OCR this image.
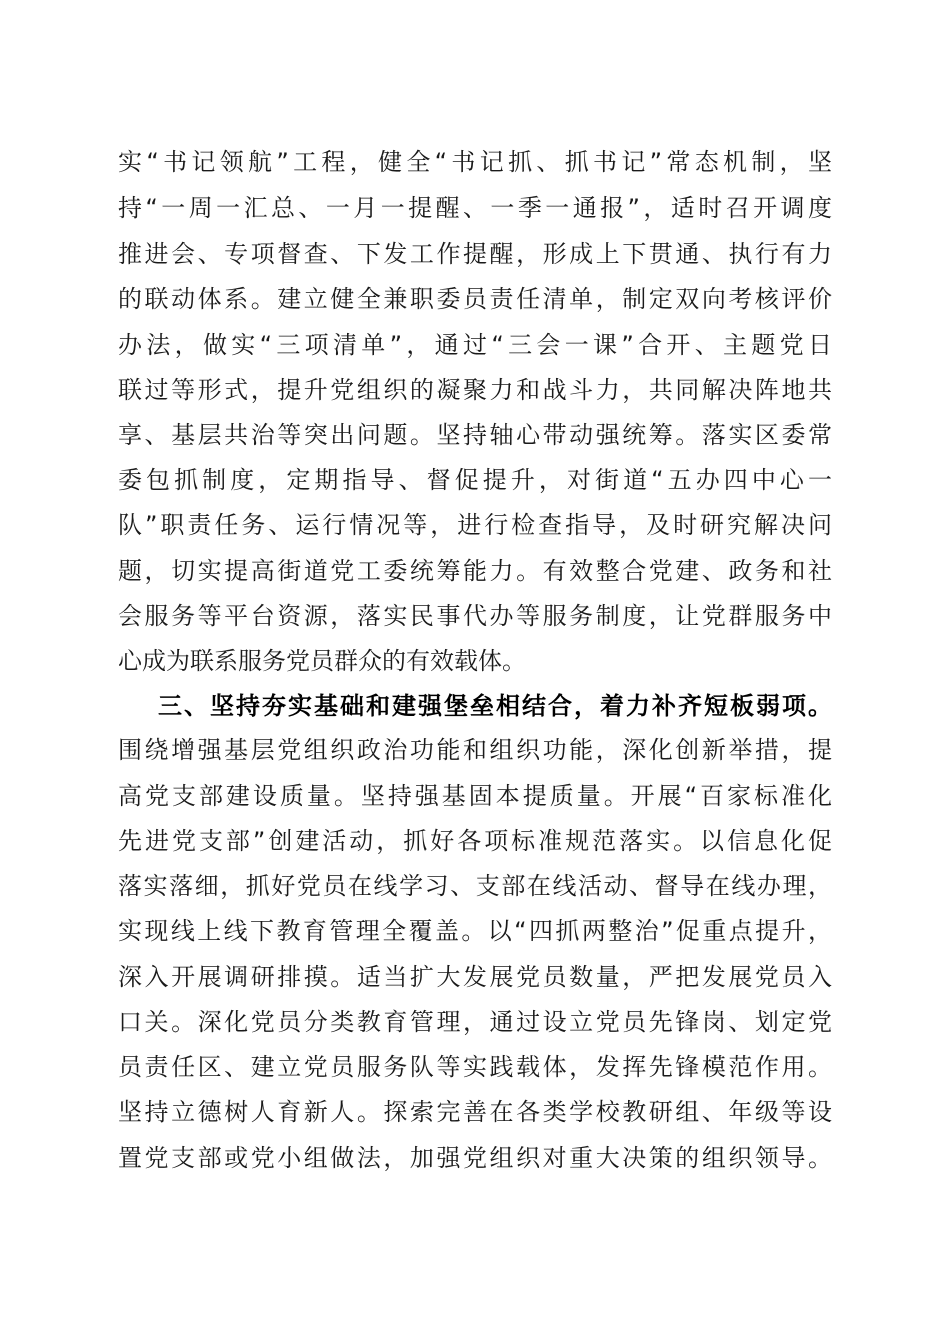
实“书记领航”工程，健全“书记抓、抓书记”常态机制，坚

持“一周一汇总、一月一提醒、一季一通报”，适时召开调度

推进会、专项督查、下发工作提醒，形成上下贯通、执行有力

的联动体系。建立健全兼职委员责任清单，制定双向考核评价

办法，做实“三项清单”，通过“三会一课”合开、主题党日

联过等形式，提升党组织的凝聚力和战斗力，共同解决阵地共

享、基层共治等突出问题。坚持轴心带动强统筹。落实区委常

委包抓制度，定期指导、督促提升，对街道“五办四中心一

队”职责任务、运行情况等，进行检查指导，及时研究解决问

题，切实提高街道党工委统筹能力。有效整合党建、政务和社

会服务等平台资源，落实民事代办等服务制度，让党群服务中

心成为联系服务党员群众的有效载体。

三、坚持夯实基础和建强堡垒相结合，着力补齐短板弱项。

围绕增强基层党组织政治功能和组织功能，深化创新举措，提

高党支部建设质量。坚持强基固本提质量。开展“百家标准化

先进党支部”创建活动，抓好各项标准规范落实。以信息化促

落实落细，抓好党员在线学习、支部在线活动、督导在线办理，

实现线上线下教育管理全覆盖。以“四抓两整治”促重点提升，

深入开展调研排摸。适当扩大发展党员数量，严把发展党员入

口关。深化党员分类教育管理，通过设立党员先锋岗、划定党

员责任区、建立党员服务队等实践载体，发挥先锋模范作用。

坚持立德树人育新人。探索完善在各类学校教研组、年级等设

置党支部或党小组做法，加强党组织对重大决策的组织领导。
